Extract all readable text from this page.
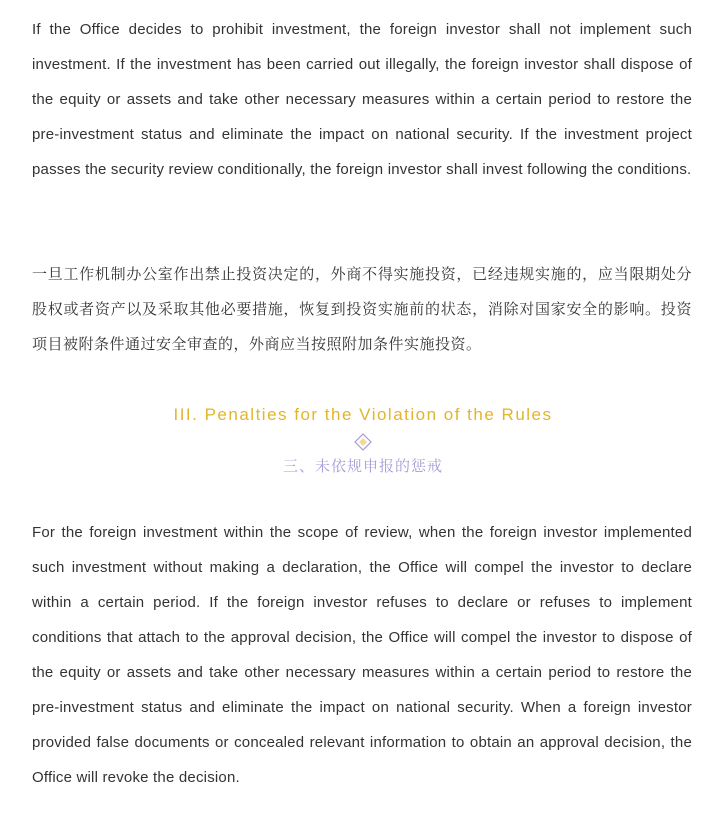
If the Office decides to prohibit investment, the foreign investor shall not implement such investment. If the investment has been carried out illegally, the foreign investor shall dispose of the equity or assets and take other necessary measures within a certain period to restore the pre-investment status and eliminate the impact on national security. If the investment project passes the security review conditionally, the foreign investor shall invest following the conditions.

一旦工作机制办公室作出禁止投资决定的，外商不得实施投资，已经违规实施的，应当限期处分股权或者资产以及采取其他必要措施，恢复到投资实施前的状态，消除对国家安全的影响。投资项目被附条件通过安全审查的，外商应当按照附加条件实施投资。

III. Penalties for the Violation of the Rules
三、未依规申报的惩戒

For the foreign investment within the scope of review, when the foreign investor implemented such investment without making a declaration, the Office will compel the investor to declare within a certain period. If the foreign investor refuses to declare or refuses to implement conditions that attach to the approval decision, the Office will compel the investor to dispose of the equity or assets and take other necessary measures within a certain period to restore the pre-investment status and eliminate the impact on national security. When a foreign investor provided false documents or concealed relevant information to obtain an approval decision, the Office will revoke the decision.
